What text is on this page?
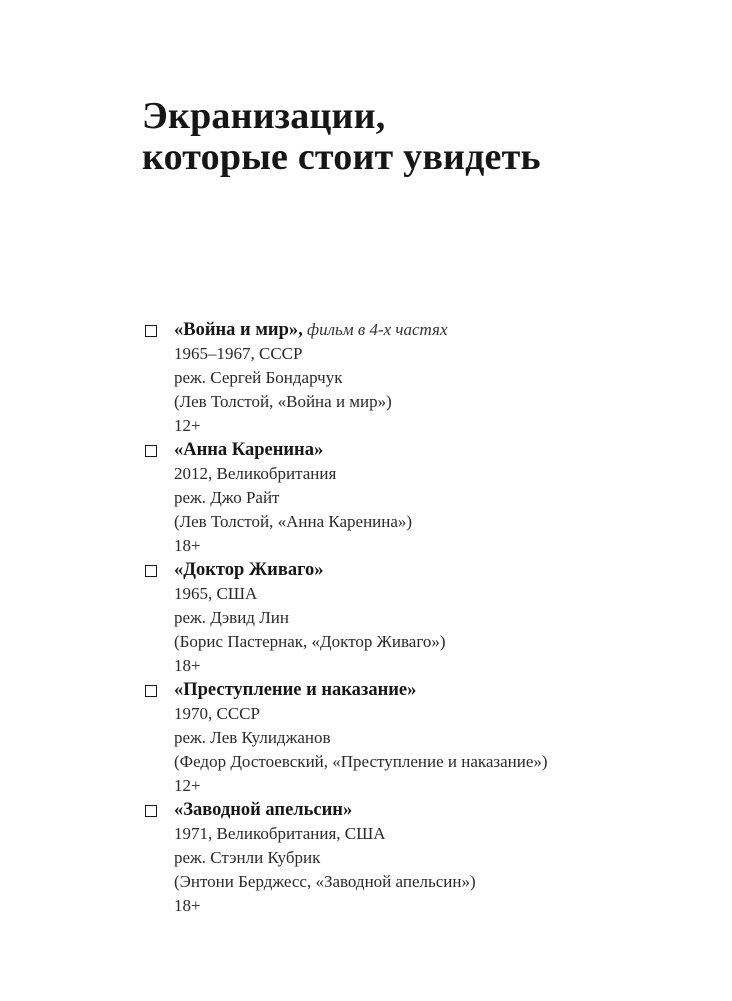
Экранизации,
которые стоит увидеть
«Война и мир», фильм в 4-х частях
1965–1967, СССР
реж. Сергей Бондарчук
(Лев Толстой, «Война и мир»)
12+
«Анна Каренина»
2012, Великобритания
реж. Джо Райт
(Лев Толстой, «Анна Каренина»)
18+
«Доктор Живаго»
1965, США
реж. Дэвид Лин
(Борис Пастернак, «Доктор Живаго»)
18+
«Преступление и наказание»
1970, СССР
реж. Лев Кулиджанов
(Федор Достоевский, «Преступление и наказание»)
12+
«Заводной апельсин»
1971, Великобритания, США
реж. Стэнли Кубрик
(Энтони Берджесс, «Заводной апельсин»)
18+
